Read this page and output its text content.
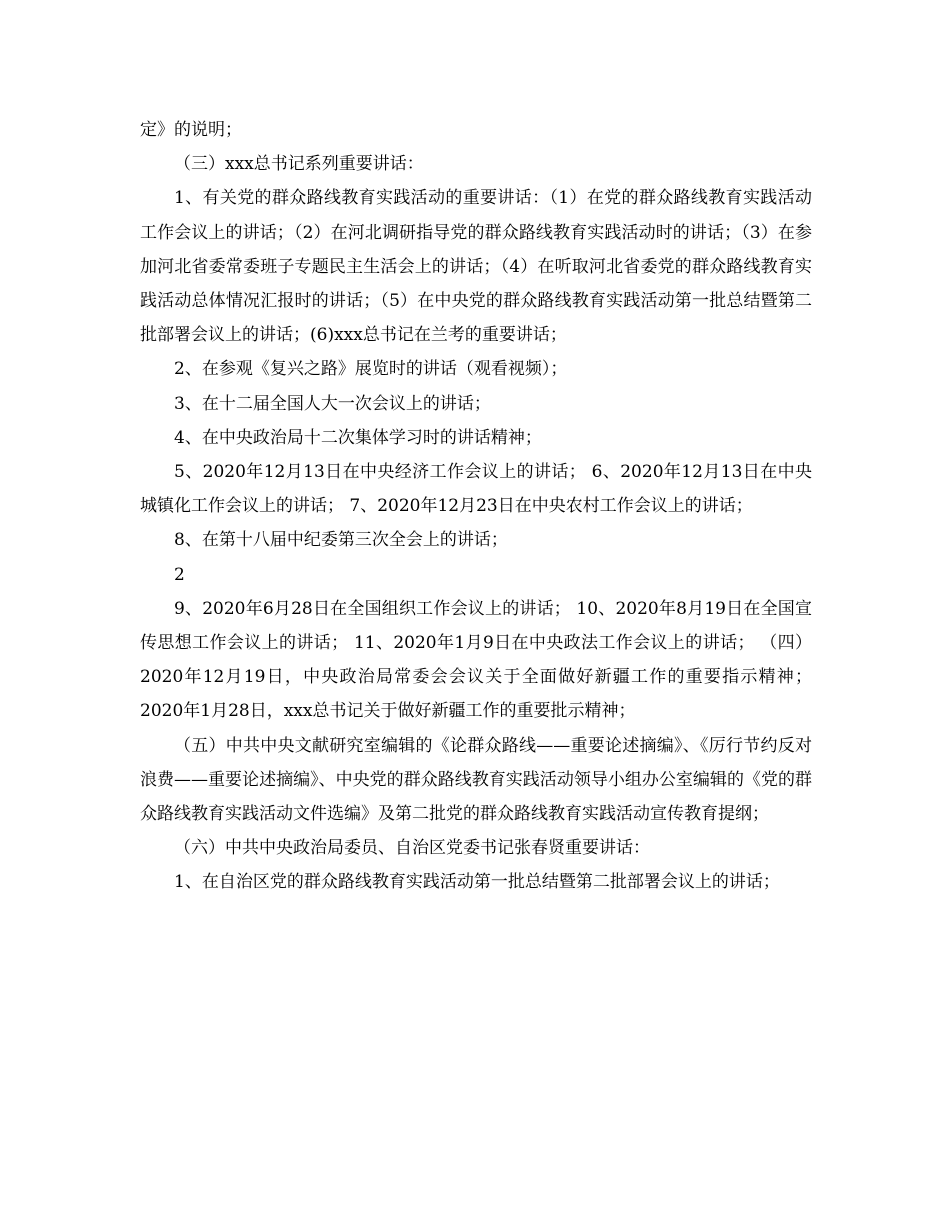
定》的说明；

（三）xxx总书记系列重要讲话：

1、有关党的群众路线教育实践活动的重要讲话：（1）在党的群众路线教育实践活动工作会议上的讲话；（2）在河北调研指导党的群众路线教育实践活动时的讲话；（3）在参加河北省委常委班子专题民主生活会上的讲话；（4）在听取河北省委党的群众路线教育实践活动总体情况汇报时的讲话；（5）在中央党的群众路线教育实践活动第一批总结暨第二批部署会议上的讲话；(6)xxx总书记在兰考的重要讲话；

2、在参观《复兴之路》展览时的讲话（观看视频）；

3、在十二届全国人大一次会议上的讲话；

4、在中央政治局十二次集体学习时的讲话精神；

5、2020年12月13日在中央经济工作会议上的讲话； 6、2020年12月13日在中央城镇化工作会议上的讲话； 7、2020年12月23日在中央农村工作会议上的讲话；

8、在第十八届中纪委第三次全会上的讲话；

2

9、2020年6月28日在全国组织工作会议上的讲话； 10、2020年8月19日在全国宣传思想工作会议上的讲话； 11、2020年1月9日在中央政法工作会议上的讲话； （四）2020年12月19日，中央政治局常委会会议关于全面做好新疆工作的重要指示精神；2020年1月28日，xxx总书记关于做好新疆工作的重要批示精神；

（五）中共中央文献研究室编辑的《论群众路线——重要论述摘编》、《厉行节约反对浪费——重要论述摘编》、中央党的群众路线教育实践活动领导小组办公室编辑的《党的群众路线教育实践活动文件选编》及第二批党的群众路线教育实践活动宣传教育提纲；

（六）中共中央政治局委员、自治区党委书记张春贤重要讲话：

1、在自治区党的群众路线教育实践活动第一批总结暨第二批部署会议上的讲话；
